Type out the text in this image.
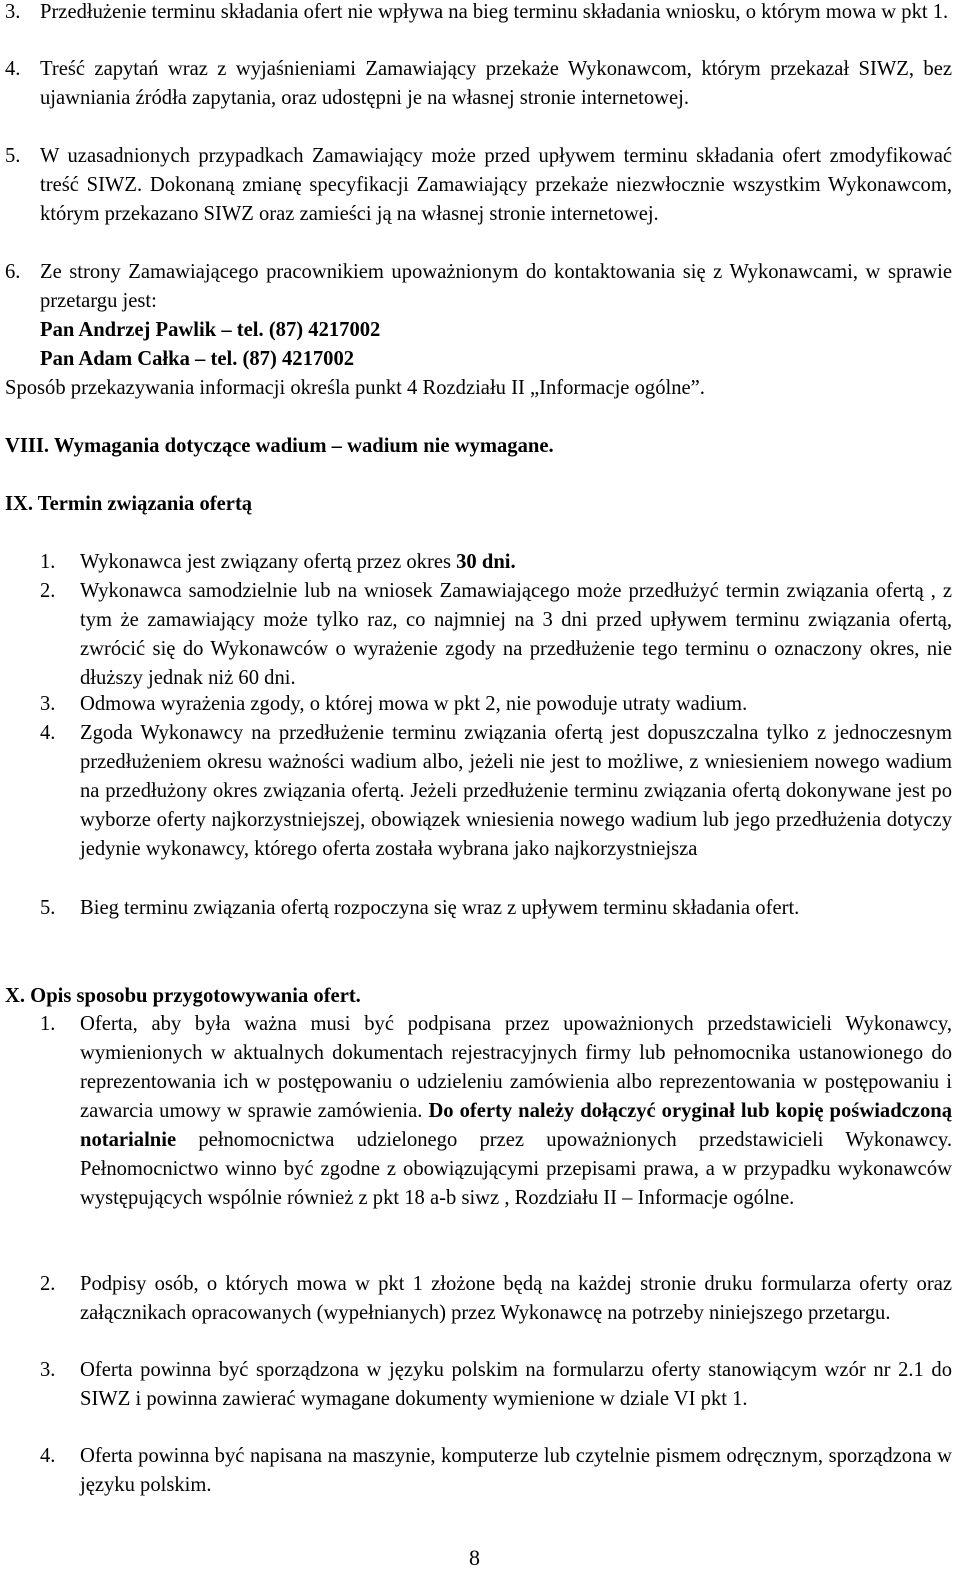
3. Przedłużenie terminu składania ofert nie wpływa na bieg terminu składania wniosku, o którym mowa w pkt 1.
4. Treść zapytań wraz z wyjaśnieniami Zamawiający przekaże Wykonawcom, którym przekazał SIWZ, bez ujawniania źródła zapytania, oraz udostępni je na własnej stronie internetowej.
5. W uzasadnionych przypadkach Zamawiający może przed upływem terminu składania ofert zmodyfikować treść SIWZ. Dokonaną zmianę specyfikacji Zamawiający przekaże niezwłocznie wszystkim Wykonawcom, którym przekazano SIWZ oraz zamieści ją na własnej stronie internetowej.
6. Ze strony Zamawiającego pracownikiem upoważnionym do kontaktowania się z Wykonawcami, w sprawie przetargu jest:
Pan Andrzej Pawlik – tel. (87) 4217002
Pan Adam Całka – tel. (87) 4217002
Sposób przekazywania informacji określa punkt 4 Rozdziału II „Informacje ogólne”.
VIII. Wymagania dotyczące wadium – wadium nie wymagane.
IX. Termin związania ofertą
1. Wykonawca jest związany ofertą przez okres 30 dni.
2. Wykonawca samodzielnie lub na wniosek Zamawiającego może przedłużyć termin związania ofertą , z tym że zamawiający może tylko raz, co najmniej na 3 dni przed upływem terminu związania ofertą, zwrócić się do Wykonawców o wyrażenie zgody na przedłużenie tego terminu o oznaczony okres, nie dłuższy jednak niż 60 dni.
3. Odmowa wyrażenia zgody, o której mowa w pkt 2, nie powoduje utraty wadium.
4. Zgoda Wykonawcy na przedłużenie terminu związania ofertą jest dopuszczalna tylko z jednoczesnym przedłużeniem okresu ważności wadium albo, jeżeli nie jest to możliwe, z wniesieniem nowego wadium na przedłużony okres związania ofertą. Jeżeli przedłużenie terminu związania ofertą dokonywane jest po wyborze oferty najkorzystniejszej, obowiązek wniesienia nowego wadium lub jego przedłużenia dotyczy jedynie wykonawcy, którego oferta została wybrana jako najkorzystniejsza
5. Bieg terminu związania ofertą rozpoczyna się wraz z upływem terminu składania ofert.
X. Opis sposobu przygotowywania ofert.
1. Oferta, aby była ważna musi być podpisana przez upoważnionych przedstawicieli Wykonawcy, wymienionych w aktualnych dokumentach rejestracyjnych firmy lub pełnomocnika ustanowionego do reprezentowania ich w postępowaniu o udzieleniu zamówienia albo reprezentowania w postępowaniu i zawarcia umowy w sprawie zamówienia. Do oferty należy dołączyć oryginał lub kopię poświadczoną notarialnie pełnomocnictwa udzielonego przez upoważnionych przedstawicieli Wykonawcy. Pełnomocnictwo winno być zgodne z obowiązującymi przepisami prawa, a w przypadku wykonawców występujących wspólnie również z pkt 18 a-b siwz , Rozdziału II – Informacje ogólne.
2. Podpisy osób, o których mowa w pkt 1 złożone będą na każdej stronie druku formularza oferty oraz załącznikach opracowanych (wypełnianych) przez Wykonawcę na potrzeby niniejszego przetargu.
3. Oferta powinna być sporządzona w języku polskim na formularzu oferty stanowiącym wzór nr 2.1 do SIWZ i powinna zawierać wymagane dokumenty wymienione w dziale VI pkt 1.
4. Oferta powinna być napisana na maszynie, komputerze lub czytelnie pismem odręcznym, sporządzona w języku polskim.
8
